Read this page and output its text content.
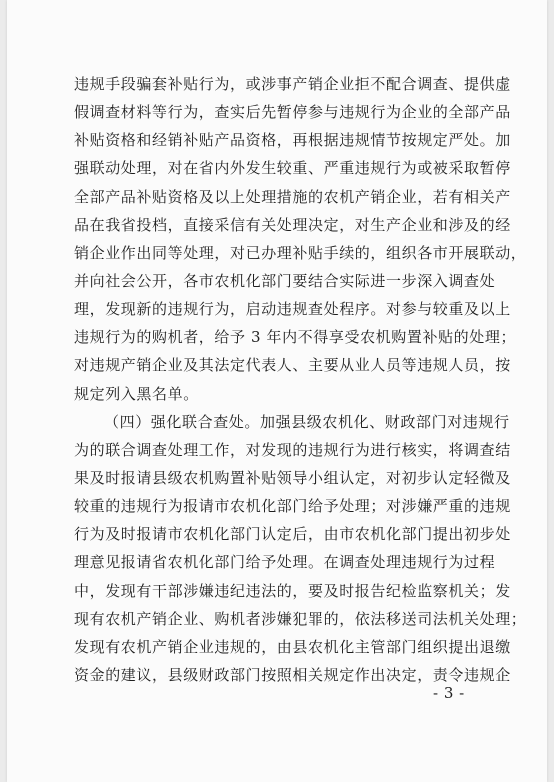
违规手段骗套补贴行为，或涉事产销企业拒不配合调查、提供虚
假调查材料等行为，查实后先暂停参与违规行为企业的全部产品
补贴资格和经销补贴产品资格，再根据违规情节按规定严处。加
强联动处理，对在省内外发生较重、严重违规行为或被采取暂停
全部产品补贴资格及以上处理措施的农机产销企业，若有相关产
品在我省投档，直接采信有关处理决定，对生产企业和涉及的经
销企业作出同等处理，对已办理补贴手续的，组织各市开展联动，
并向社会公开，各市农机化部门要结合实际进一步深入调查处
理，发现新的违规行为，启动违规查处程序。对参与较重及以上
违规行为的购机者，给予 3 年内不得享受农机购置补贴的处理；
对违规产销企业及其法定代表人、主要从业人员等违规人员，按
规定列入黑名单。
（四）强化联合查处。加强县级农机化、财政部门对违规行
为的联合调查处理工作，对发现的违规行为进行核实，将调查结
果及时报请县级农机购置补贴领导小组认定，对初步认定轻微及
较重的违规行为报请市农机化部门给予处理；对涉嫌严重的违规
行为及时报请市农机化部门认定后，由市农机化部门提出初步处
理意见报请省农机化部门给予处理。在调查处理违规行为过程
中，发现有干部涉嫌违纪违法的，要及时报告纪检监察机关；发
现有农机产销企业、购机者涉嫌犯罪的，依法移送司法机关处理；
发现有农机产销企业违规的，由县农机化主管部门组织提出退缴
资金的建议，县级财政部门按照相关规定作出决定，责令违规企
- 3 -
